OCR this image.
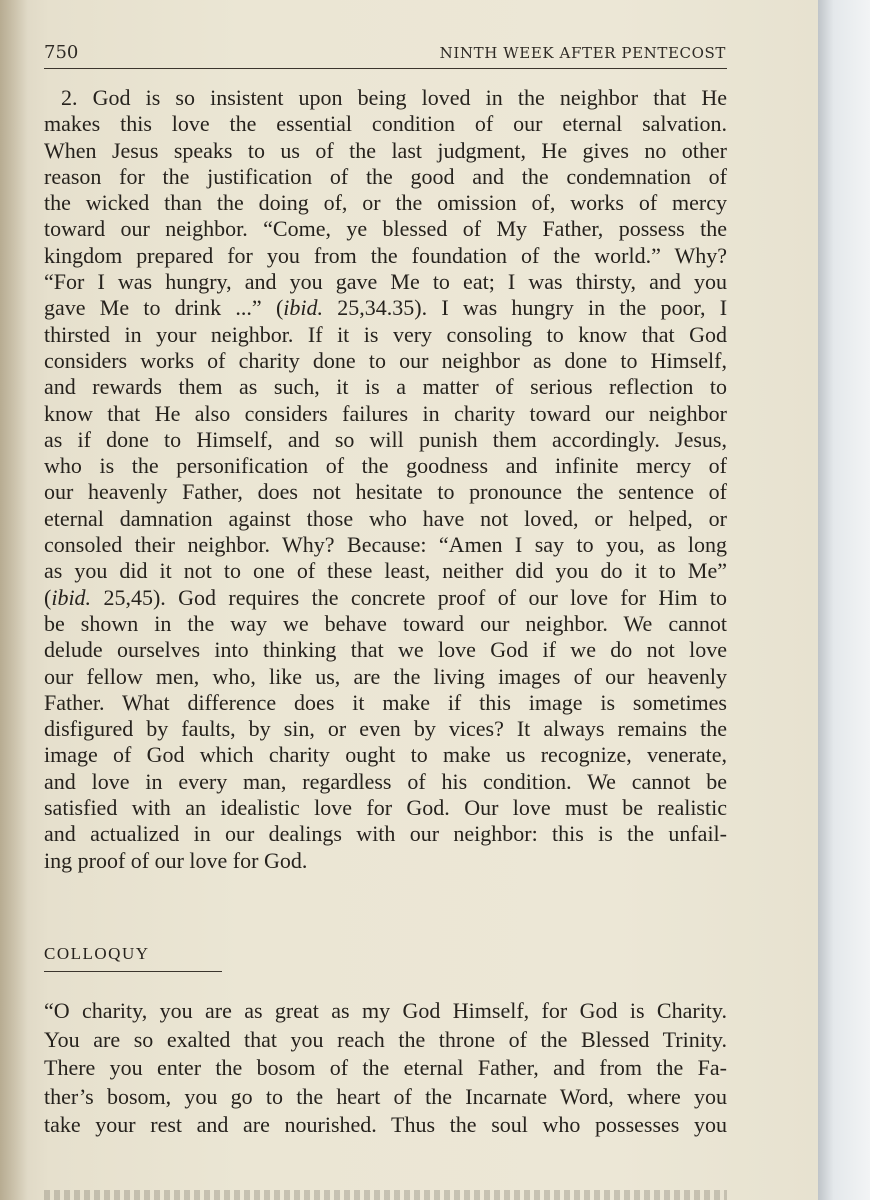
750	NINTH WEEK AFTER PENTECOST

2. God is so insistent upon being loved in the neighbor that He

makes this love the essential condition of our eternal salvation.

When Jesus speaks to us of the last judgment, He gives no other

reason for the justification of the good and the condemnation of

the wicked than the doing of, or the omission of, works of mercy

toward our neighbor. “Come, ye blessed of My Father, possess the

kingdom prepared for you from the foundation of the world.” Why?

“For I was hungry, and you gave Me to eat; I was thirsty, and you

gave Me to drink ...” (ibid. 25,34.35). I was hungry in the poor, I

thirsted in your neighbor. If it is very consoling to know that God

considers works of charity done to our neighbor as done to Himself,

and rewards them as such, it is a matter of serious reflection to

know that He also considers failures in charity toward our neighbor

as if done to Himself, and so will punish them accordingly. Jesus,

who is the personification of the goodness and infinite mercy of

our heavenly Father, does not hesitate to pronounce the sentence of

eternal damnation against those who have not loved, or helped, or

consoled their neighbor. Why? Because: “Amen I say to you, as long

as you did it not to one of these least, neither did you do it to Me”

(ibid. 25,45). God requires the concrete proof of our love for Him to

be shown in the way we behave toward our neighbor. We cannot

delude ourselves into thinking that we love God if we do not love

our fellow men, who, like us, are the living images of our heavenly

Father. What difference does it make if this image is sometimes

disfigured by faults, by sin, or even by vices? It always remains the

image of God which charity ought to make us recognize, venerate,

and love in every man, regardless of his condition. We cannot be

satisfied with an idealistic love for God. Our love must be realistic

and actualized in our dealings with our neighbor: this is the unfail-

ing proof of our love for God.

COLLOQUY

“O charity, you are as great as my God Himself, for God is Charity.

You are so exalted that you reach the throne of the Blessed Trinity.

There you enter the bosom of the eternal Father, and from the Fa-

ther’s bosom, you go to the heart of the Incarnate Word, where you

take your rest and are nourished. Thus the soul who possesses you
